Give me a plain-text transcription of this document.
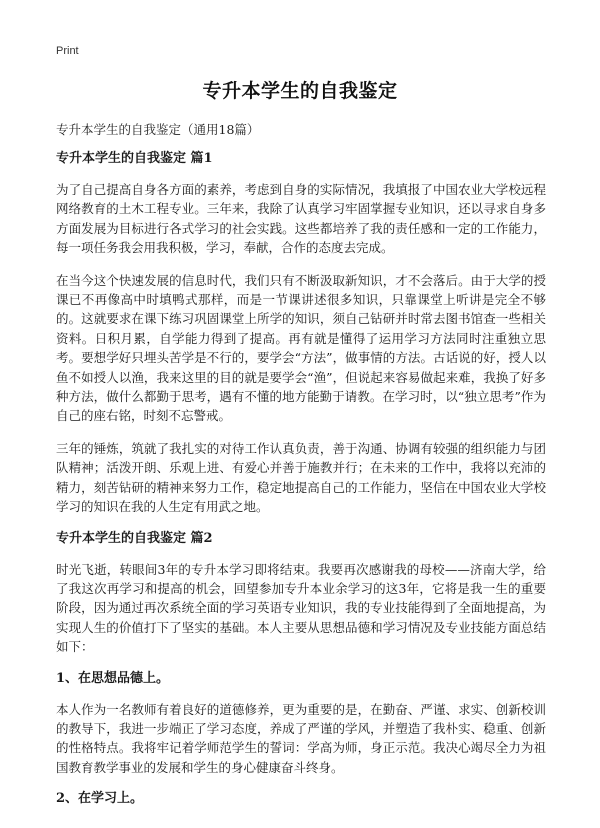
Print
专升本学生的自我鉴定
专升本学生的自我鉴定（通用18篇）
专升本学生的自我鉴定 篇1

为了自己提高自身各方面的素养，考虑到自身的实际情况，我填报了中国农业大学校远程网络教育的土木工程专业。三年来，我除了认真学习牢固掌握专业知识，还以寻求自身多方面发展为目标进行各式学习的社会实践。这些都培养了我的责任感和一定的工作能力，每一项任务我会用我积极，学习，奉献，合作的态度去完成。

在当今这个快速发展的信息时代，我们只有不断汲取新知识，才不会落后。由于大学的授课已不再像高中时填鸭式那样，而是一节课讲述很多知识，只靠课堂上听讲是完全不够的。这就要求在课下练习巩固课堂上所学的知识，须自己钻研并时常去图书馆查一些相关资料。日积月累，自学能力得到了提高。再有就是懂得了运用学习方法同时注重独立思考。要想学好只埋头苦学是不行的，要学会“方法”，做事情的方法。古话说的好，授人以鱼不如授人以渔，我来这里的目的就是要学会“渔”，但说起来容易做起来难，我换了好多种方法，做什么都勤于思考，遇有不懂的地方能勤于请教。在学习时，以“独立思考”作为自己的座右铭，时刻不忘警戒。

三年的锤炼，筑就了我扎实的对待工作认真负责，善于沟通、协调有较强的组织能力与团队精神；活泼开朗、乐观上进、有爱心并善于施教并行；在未来的工作中，我将以充沛的精力，刻苦钻研的精神来努力工作，稳定地提高自己的工作能力，坚信在中国农业大学校学习的知识在我的人生定有用武之地。

专升本学生的自我鉴定 篇2

时光飞逝，转眼间3年的专升本学习即将结束。我要再次感谢我的母校——济南大学，给了我这次再学习和提高的机会，回望参加专升本业余学习的这3年，它将是我一生的重要阶段，因为通过再次系统全面的学习英语专业知识，我的专业技能得到了全面地提高，为实现人生的价值打下了坚实的基础。本人主要从思想品德和学习情况及专业技能方面总结如下：

1、在思想品德上。

本人作为一名教师有着良好的道德修养，更为重要的是，在勤奋、严谨、求实、创新校训的教导下，我进一步端正了学习态度，养成了严谨的学风，并塑造了我朴实、稳重、创新的性格特点。我将牢记着学师范学生的誓词：学高为师，身正示范。我决心竭尽全力为祖国教育教学事业的发展和学生的身心健康奋斗终身。

2、在学习上。
